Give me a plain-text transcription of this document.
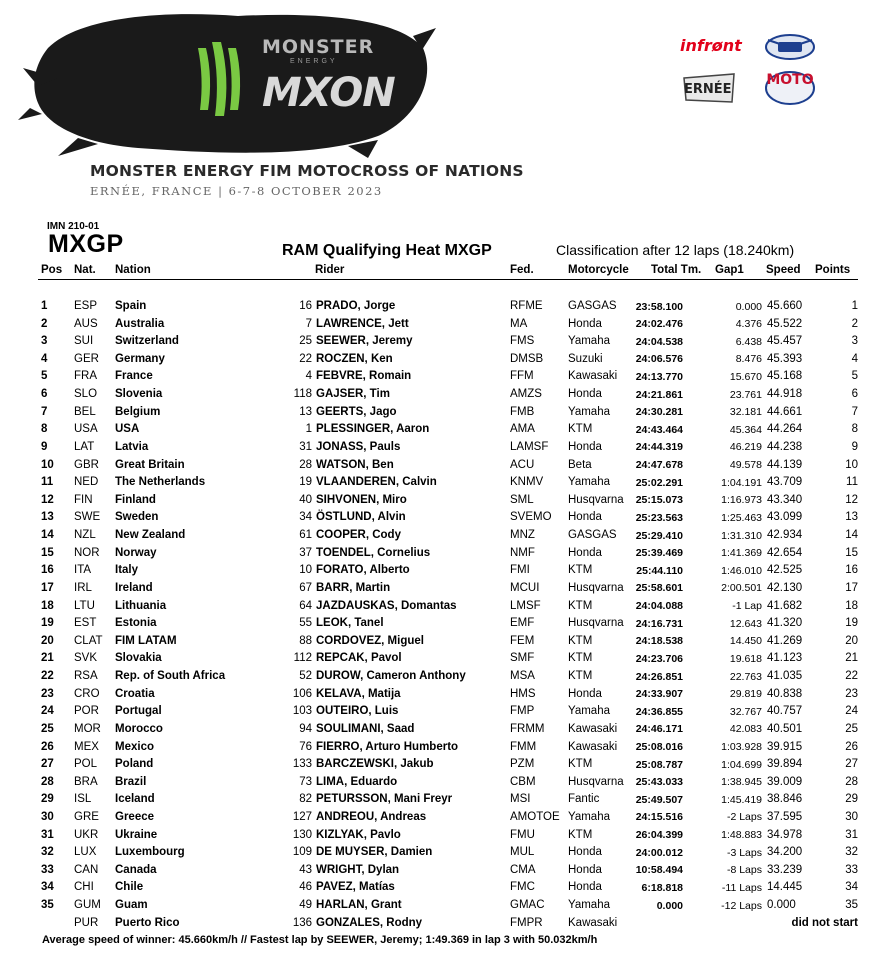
MONSTER
ENERGY
MXON
infrønt
ERNÉE
MOTO
MONSTER ENERGY FIM MOTOCROSS OF NATIONS
ERNÉE, FRANCE | 6-7-8 OCTOBER 2023
IMN 210-01
MXGP	RAM Qualifying Heat MXGP	Classification after 12 laps (18.240km)
Pos Nat. Nation	Rider	Fed.	Motorcycle Total Tm. Gap1 Speed Points
1 ESP Spain	16 PRADO, Jorge	RFME GASGAS 23:58.100	0.000 45.660	1
2 AUS Australia	7 LAWRENCE, Jett	MA	Honda	24:02.476	4.376 45.522	2
3 SUI Switzerland	25 SEEWER, Jeremy	FMS	Yamaha 24:04.538	6.438 45.457	3
4 GER Germany	22 ROCZEN, Ken	DMSB Suzuki	24:06.576	8.476 45.393	4
5 FRA France	4 FEBVRE, Romain	FFM	Kawasaki 24:13.770	15.670 45.168	5
6 SLO Slovenia	118 GAJSER, Tim	AMZS Honda	24:21.861	23.761 44.918	6
7 BEL Belgium	13 GEERTS, Jago	FMB	Yamaha 24:30.281	32.181 44.661	7
8 USA USA	1 PLESSINGER, Aaron	AMA	KTM	24:43.464	45.364 44.264	8
9 LAT Latvia	31 JONASS, Pauls	LAMSF Honda	24:44.319	46.219 44.238	9
10 GBR Great Britain	28 WATSON, Ben	ACU	Beta	24:47.678	49.578 44.139	10
11 NED The Netherlands	19 VLAANDEREN, Calvin	KNMV Yamaha 25:02.291	1:04.191 43.709	11
12 FIN Finland	40 SIHVONEN, Miro	SML	Husqvarna 25:15.073	1:16.973 43.340	12
13 SWE Sweden	34 ÖSTLUND, Alvin	SVEMO Honda	25:23.563	1:25.463 43.099	13
14 NZL New Zealand	61 COOPER, Cody	MNZ	GASGAS 25:29.410	1:31.310 42.934	14
15 NOR Norway	37 TOENDEL, Cornelius	NMF	Honda	25:39.469	1:41.369 42.654	15
16 ITA Italy	10 FORATO, Alberto	FMI	KTM	25:44.110	1:46.010 42.525	16
17 IRL Ireland	67 BARR, Martin	MCUI Husqvarna 25:58.601	2:00.501 42.130	17
18 LTU Lithuania	64 JAZDAUSKAS, Domantas	LMSF KTM	24:04.088	-1 Lap 41.682	18
19 EST Estonia	55 LEOK, Tanel	EMF	Husqvarna 24:16.731	12.643 41.320	19
20 CLAT FIM LATAM	88 CORDOVEZ, Miguel	FEM	KTM	24:18.538	14.450 41.269	20
21 SVK Slovakia	112 REPCAK, Pavol	SMF	KTM	24:23.706	19.618 41.123	21
22 RSA Rep. of South Africa	52 DUROW, Cameron Anthony	MSA	KTM	24:26.851	22.763 41.035	22
23 CRO Croatia	106 KELAVA, Matija	HMS	Honda	24:33.907	29.819 40.838	23
24 POR Portugal	103 OUTEIRO, Luis	FMP	Yamaha 24:36.855	32.767 40.757	24
25 MOR Morocco	94 SOULIMANI, Saad	FRMM Kawasaki 24:46.171	42.083 40.501	25
26 MEX Mexico	76 FIERRO, Arturo Humberto	FMM	Kawasaki 25:08.016	1:03.928 39.915	26
27 POL Poland	133 BARCZEWSKI, Jakub	PZM	KTM	25:08.787	1:04.699 39.894	27
28 BRA Brazil	73 LIMA, Eduardo	CBM	Husqvarna 25:43.033	1:38.945 39.009	28
29 ISL Iceland	82 PETURSSON, Mani Freyr	MSI	Fantic	25:49.507	1:45.419 38.846	29
30 GRE Greece	127 ANDREOU, Andreas	AMOTOE Yamaha 24:15.516	-2 Laps 37.595	30
31 UKR Ukraine	130 KIZLYAK, Pavlo	FMU	KTM	26:04.399	1:48.883 34.978	31
32 LUX Luxembourg	109 DE MUYSER, Damien	MUL	Honda	24:00.012	-3 Laps 34.200	32
33 CAN Canada	43 WRIGHT, Dylan	CMA	Honda	10:58.494	-8 Laps 33.239	33
34 CHI Chile	46 PAVEZ, Matías	FMC	Honda	6:18.818	-11 Laps 14.445	34
35 GUM Guam	49 HARLAN, Grant	GMAC Yamaha	0.000	-12 Laps 0.000	35
PUR Puerto Rico	136 GONZALES, Rodny	FMPR Kawasaki	did not start
Average speed of winner: 45.660km/h // Fastest lap by SEEWER, Jeremy; 1:49.369 in lap 3 with 50.032km/h
